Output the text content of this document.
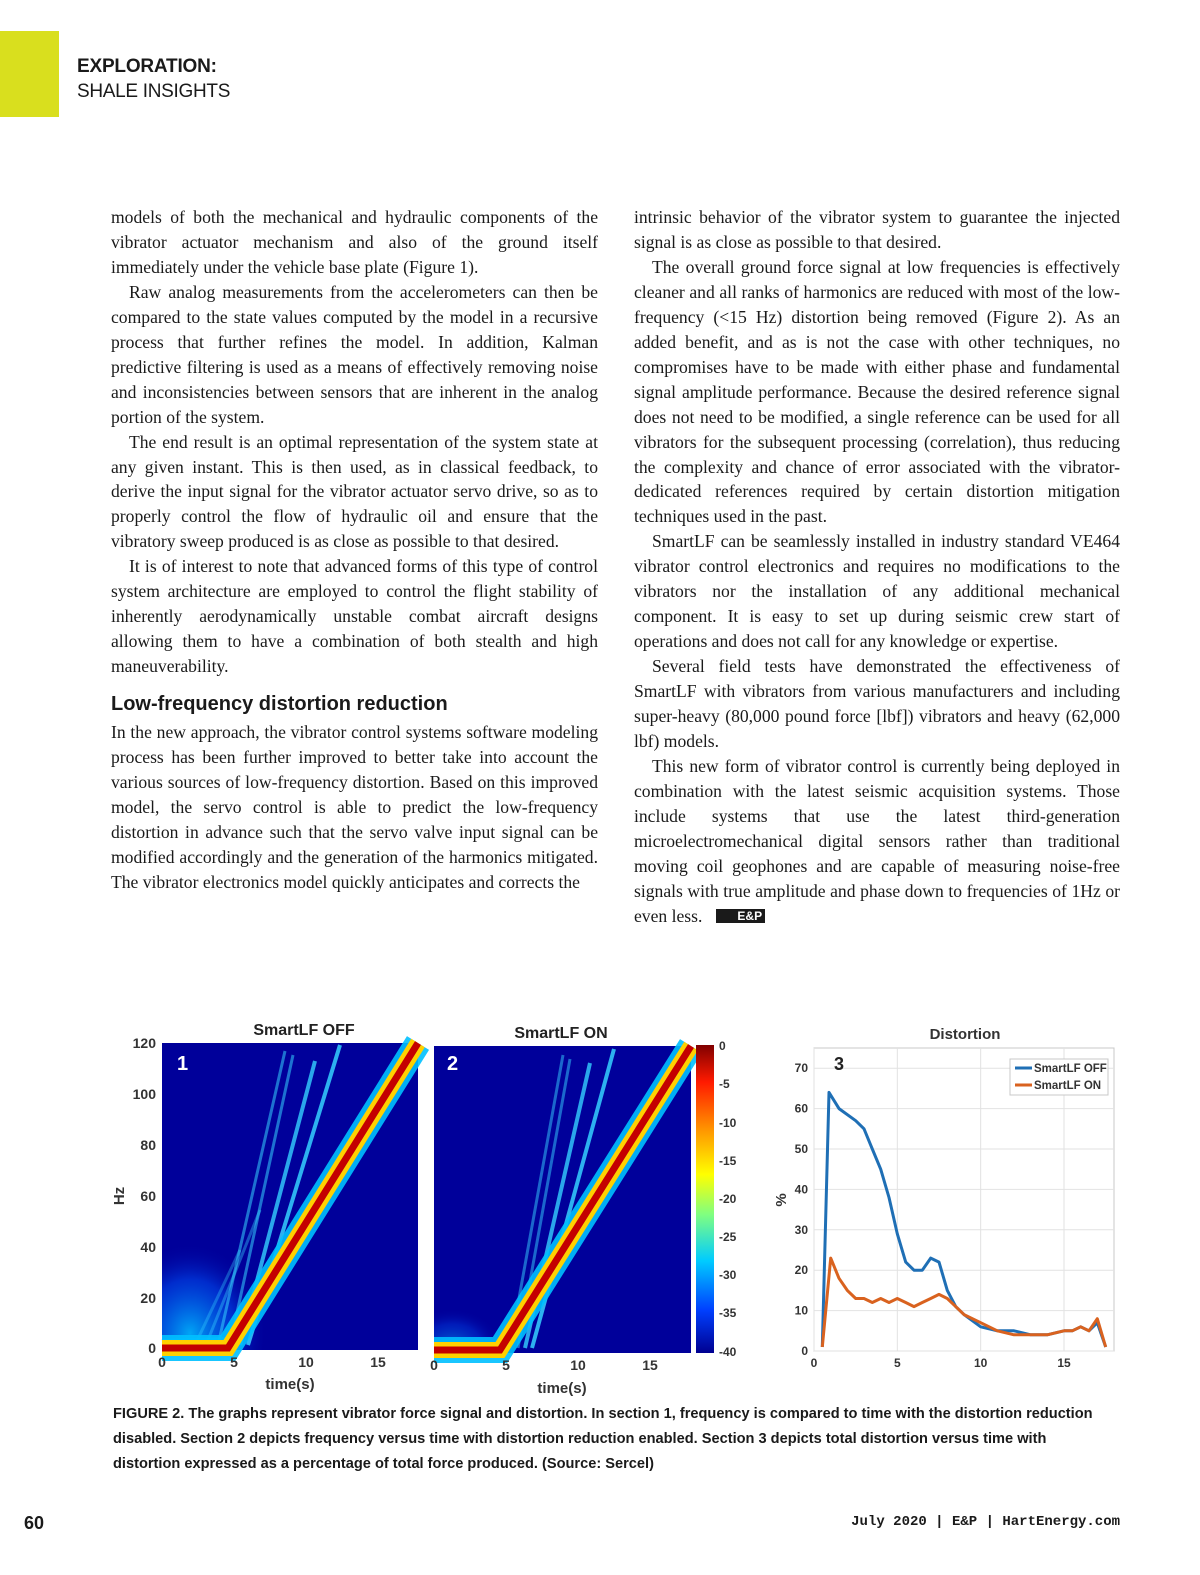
EXPLORATION:
SHALE INSIGHTS

models of both the mechanical and hydraulic components of the vibrator actuator mechanism and also of the ground itself immediately under the vehicle base plate (Figure 1).

Raw analog measurements from the accelerometers can then be compared to the state values computed by the model in a recursive process that further refines the model. In addition, Kalman predictive filtering is used as a means of effectively removing noise and inconsistencies between sensors that are inherent in the analog portion of the system.

The end result is an optimal representation of the system state at any given instant. This is then used, as in classical feedback, to derive the input signal for the vibrator actuator servo drive, so as to properly control the flow of hydraulic oil and ensure that the vibratory sweep produced is as close as possible to that desired.

It is of interest to note that advanced forms of this type of control system architecture are employed to control the flight stability of inherently aerodynamically unstable combat aircraft designs allowing them to have a combination of both stealth and high maneuverability.

Low-frequency distortion reduction

In the new approach, the vibrator control systems software modeling process has been further improved to better take into account the various sources of low-frequency distortion. Based on this improved model, the servo control is able to predict the low-frequency distortion in advance such that the servo valve input signal can be modified accordingly and the generation of the harmonics mitigated. The vibrator electronics model quickly anticipates and corrects the

intrinsic behavior of the vibrator system to guarantee the injected signal is as close as possible to that desired.

The overall ground force signal at low frequencies is effectively cleaner and all ranks of harmonics are reduced with most of the low-frequency (<15 Hz) distortion being removed (Figure 2). As an added benefit, and as is not the case with other techniques, no compromises have to be made with either phase and fundamental signal amplitude performance. Because the desired reference signal does not need to be modified, a single reference can be used for all vibrators for the subsequent processing (correlation), thus reducing the complexity and chance of error associated with the vibrator-dedicated references required by certain distortion mitigation techniques used in the past.

SmartLF can be seamlessly installed in industry standard VE464 vibrator control electronics and requires no modifications to the vibrators nor the installation of any additional mechanical component. It is easy to set up during seismic crew start of operations and does not call for any knowledge or expertise.

Several field tests have demonstrated the effectiveness of SmartLF with vibrators from various manufacturers and including super-heavy (80,000 pound force [lbf]) vibrators and heavy (62,000 lbf) models.

This new form of vibrator control is currently being deployed in combination with the latest seismic acquisition systems. Those include systems that use the latest third-generation microelectromechanical digital sensors rather than traditional moving coil geophones and are capable of measuring noise-free signals with true amplitude and phase down to frequencies of 1Hz or even less.	E&P

SmartLF OFF
1
120
100
80
60
40
20
0
Hz
0	5	10	15
time(s)
SmartLF ON
2
0	5	10	15
time(s)
0
-5
-10
-15
-20
-25
-30
-35
-40
Distortion
0
10
20
30
40
50
60
70
0	5	10	15
%
3	SmartLF OFF
SmartLF ON
FIGURE 2. The graphs represent vibrator force signal and distortion. In section 1, frequency is compared to time with the distortion reduction disabled. Section 2 depicts frequency versus time with distortion reduction enabled. Section 3 depicts total distortion versus time with distortion expressed as a percentage of total force produced. (Source: Sercel)
60	July 2020 | E&P | HartEnergy.com
